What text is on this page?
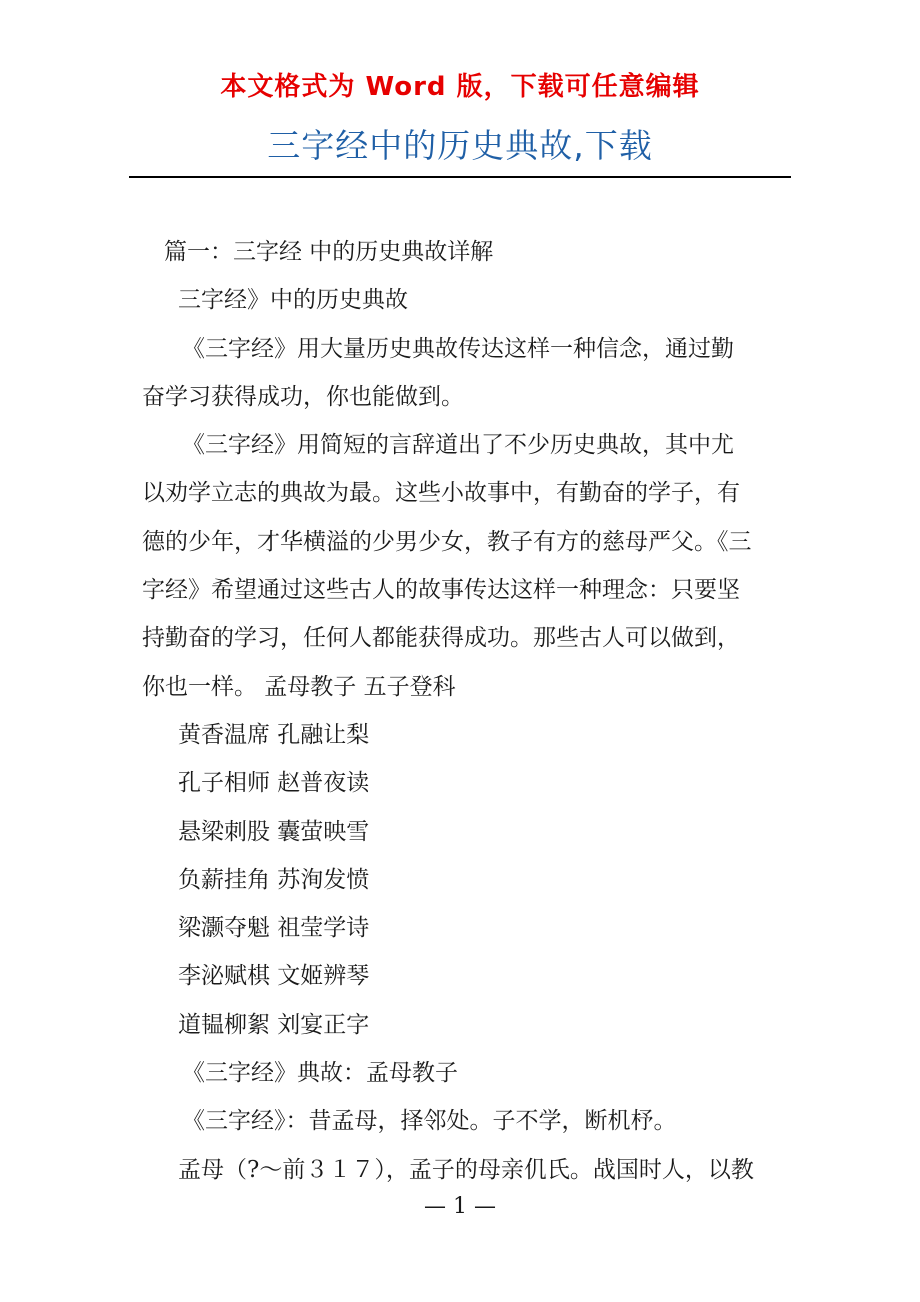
本文格式为 Word 版，下载可任意编辑
三字经中的历史典故,下载
篇一：三字经 中的历史典故详解
三字经》中的历史典故
《三字经》用大量历史典故传达这样一种信念，通过勤
奋学习获得成功，你也能做到。
《三字经》用简短的言辞道出了不少历史典故，其中尤
以劝学立志的典故为最。这些小故事中，有勤奋的学子，有
德的少年，才华横溢的少男少女，教子有方的慈母严父。《三
字经》希望通过这些古人的故事传达这样一种理念：只要坚
持勤奋的学习，任何人都能获得成功。那些古人可以做到，
你也一样。 孟母教子 五子登科
黄香温席 孔融让梨
孔子相师 赵普夜读
悬梁刺股 囊萤映雪
负薪挂角 苏洵发愤
梁灏夺魁 祖莹学诗
李泌赋棋 文姬辨琴
道韫柳絮 刘宴正字
《三字经》典故：孟母教子
《三字经》：昔孟母，择邻处。子不学，断机杼。
孟母（?～前３１７），孟子的母亲仉氏。战国时人，以教
— 1 —
